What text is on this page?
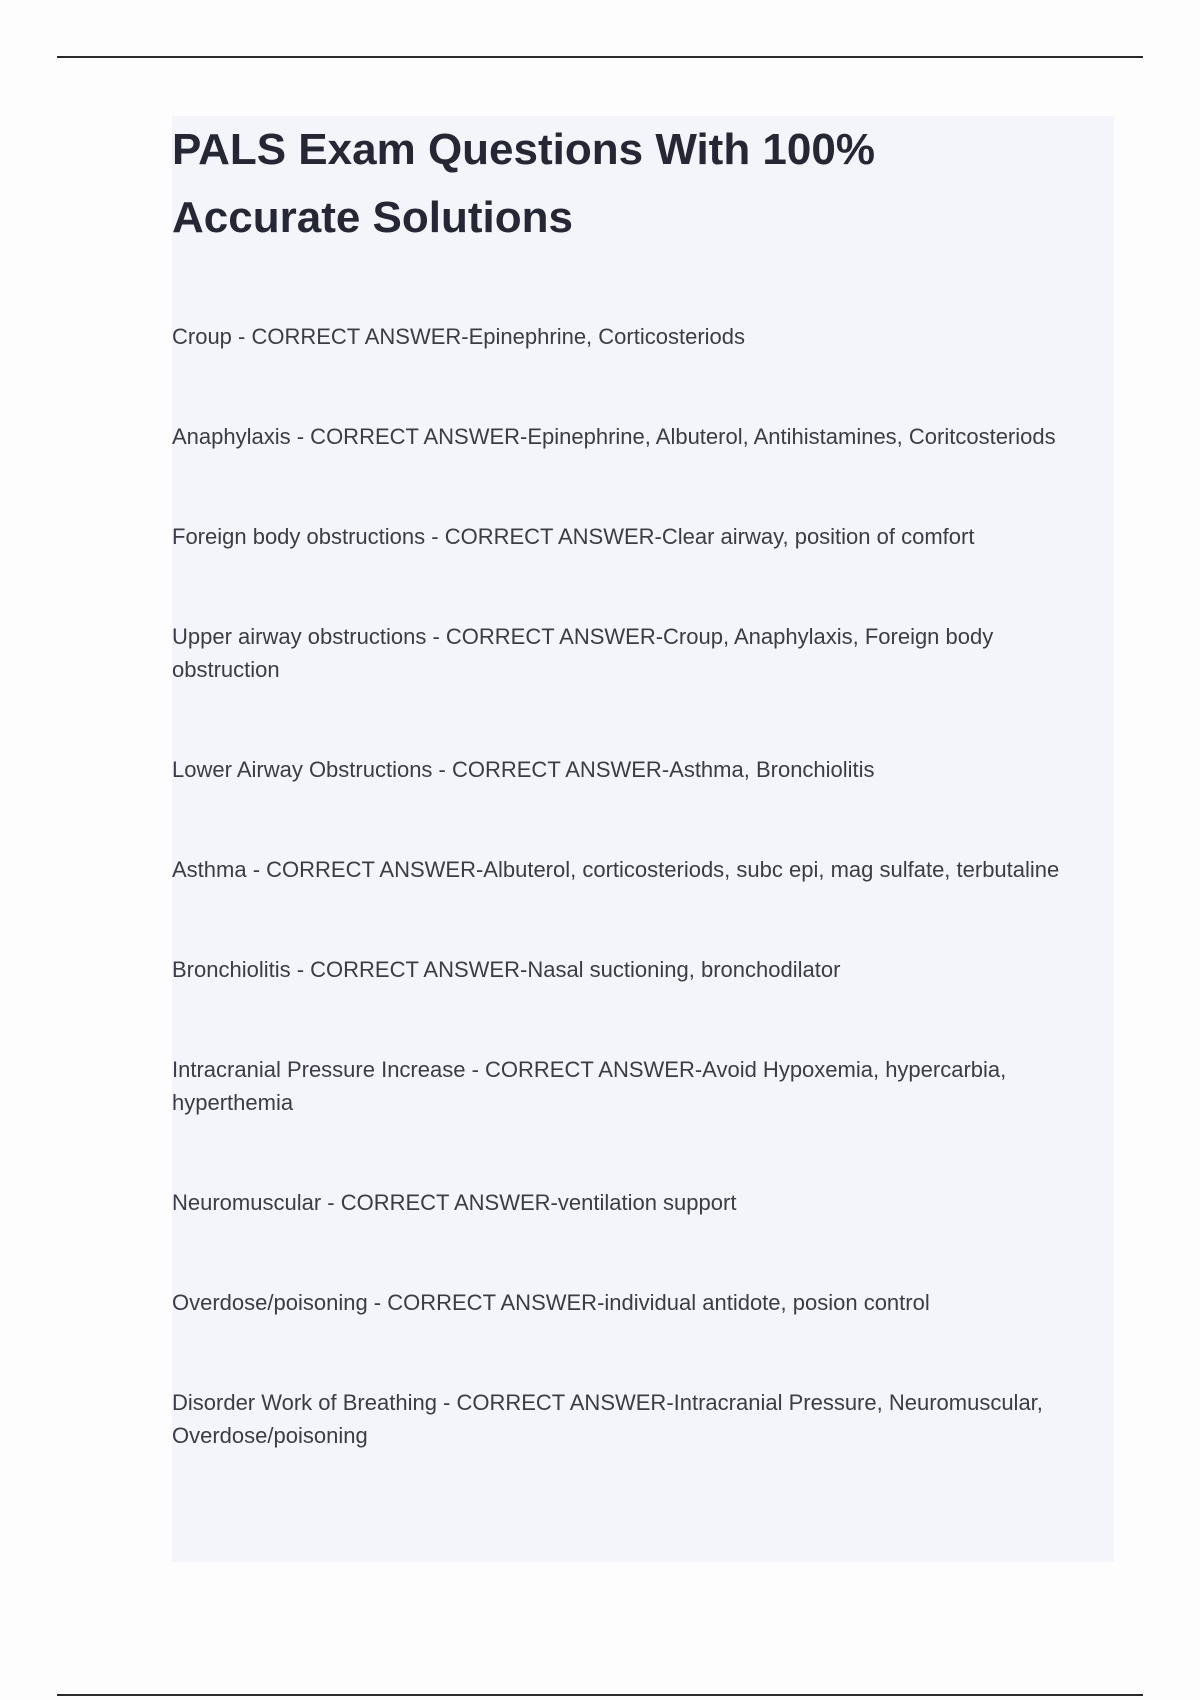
PALS Exam Questions With 100% Accurate Solutions
Croup - CORRECT ANSWER-Epinephrine, Corticosteriods
Anaphylaxis - CORRECT ANSWER-Epinephrine, Albuterol, Antihistamines, Coritcosteriods
Foreign body obstructions - CORRECT ANSWER-Clear airway, position of comfort
Upper airway obstructions - CORRECT ANSWER-Croup, Anaphylaxis, Foreign body obstruction
Lower Airway Obstructions - CORRECT ANSWER-Asthma, Bronchiolitis
Asthma - CORRECT ANSWER-Albuterol, corticosteriods, subc epi, mag sulfate, terbutaline
Bronchiolitis - CORRECT ANSWER-Nasal suctioning, bronchodilator
Intracranial Pressure Increase - CORRECT ANSWER-Avoid Hypoxemia, hypercarbia, hyperthemia
Neuromuscular - CORRECT ANSWER-ventilation support
Overdose/poisoning - CORRECT ANSWER-individual antidote, posion control
Disorder Work of Breathing - CORRECT ANSWER-Intracranial Pressure, Neuromuscular, Overdose/poisoning
